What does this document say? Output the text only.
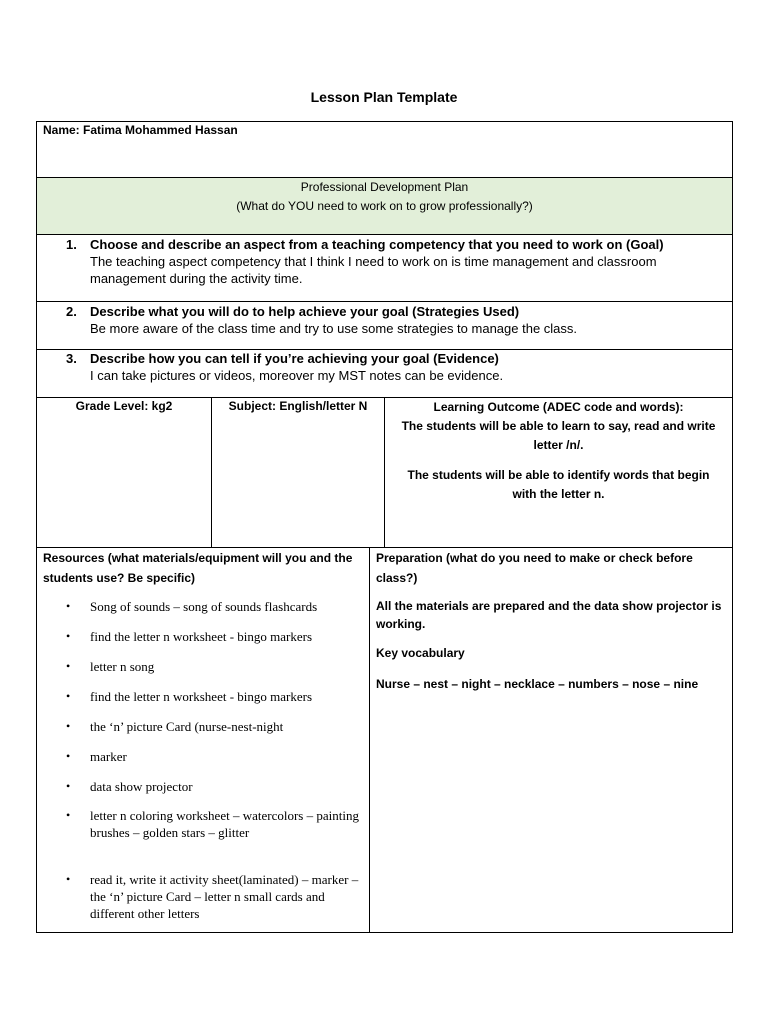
Lesson Plan Template
Name: Fatima Mohammed Hassan
Professional Development Plan
(What do YOU need to work on to grow professionally?)
1. Choose and describe an aspect from a teaching competency that you need to work on (Goal)
The teaching aspect competency that I think I need to work on is time management and classroom management during the activity time.
2. Describe what you will do to help achieve your goal (Strategies Used)
Be more aware of the class time and try to use some strategies to manage the class.
3. Describe how you can tell if you’re achieving your goal (Evidence)
I can take pictures or videos, moreover my MST notes can be evidence.
Grade Level: kg2	Subject: English/letter N	Learning Outcome (ADEC code and words):

The students will be able to learn to say, read and write letter /n/.

The students will be able to identify words that begin with the letter n.

Resources (what materials/equipment will you and the students use? Be specific)
• Song of sounds – song of sounds flashcards
• find the letter n worksheet - bingo markers
• letter n song
• find the letter n worksheet - bingo markers
• the ‘n’ picture Card (nurse-nest-night
• marker
• data show projector
• letter n coloring worksheet – watercolors – painting brushes – golden stars – glitter
• read it, write it activity sheet(laminated) – marker – the ‘n’ picture Card – letter n small cards and different other letters
Preparation (what do you need to make or check before class?)
All the materials are prepared and the data show projector is working.
Key vocabulary
Nurse – nest – night – necklace – numbers – nose – nine
